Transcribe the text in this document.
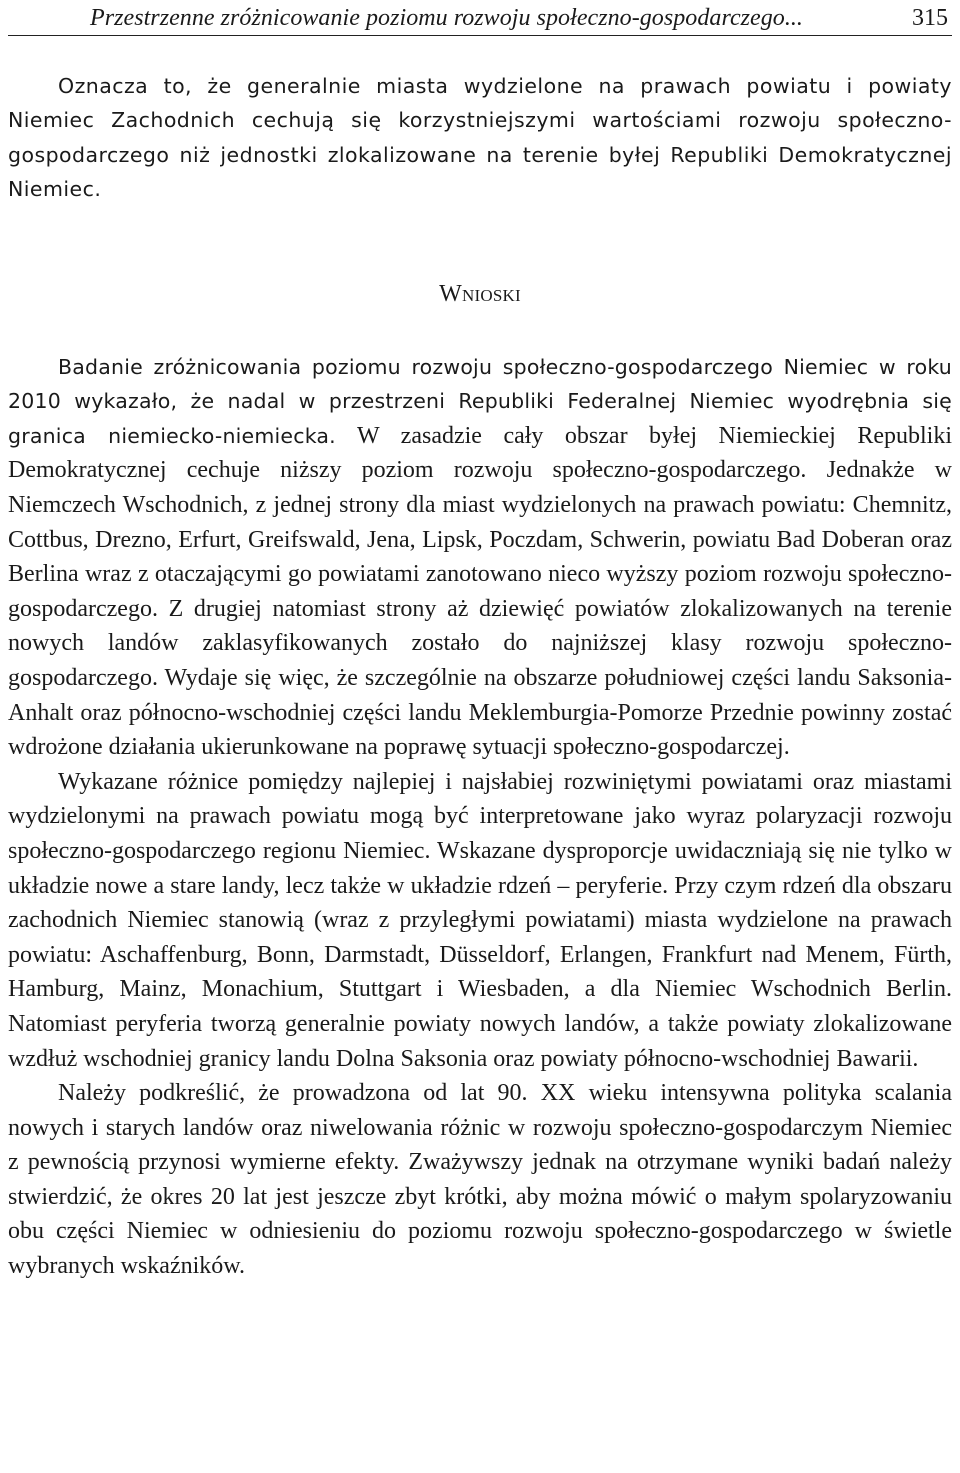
Przestrzenne zróżnicowanie poziomu rozwoju społeczno-gospodarczego...	315

Oznacza to, że generalnie miasta wydzielone na prawach powiatu i powiaty Niemiec Zachodnich cechują się korzystniejszymi wartościami rozwoju społeczno-gospodarczego niż jednostki zlokalizowane na terenie byłej Republiki Demokratycznej Niemiec.

Wnioski

Badanie zróżnicowania poziomu rozwoju społeczno-gospodarczego Niemiec w roku 2010 wykazało, że nadal w przestrzeni Republiki Federalnej Niemiec wyodrębnia się granica niemiecko-niemiecka. W zasadzie cały obszar byłej Niemieckiej Republiki Demokratycznej cechuje niższy poziom rozwoju społeczno-gospodarczego. Jednakże w Niemczech Wschodnich, z jednej strony dla miast wydzielonych na prawach powiatu: Chemnitz, Cottbus, Drezno, Erfurt, Greifswald, Jena, Lipsk, Poczdam, Schwerin, powiatu Bad Doberan oraz Berlina wraz z otaczającymi go powiatami zanotowano nieco wyższy poziom rozwoju społeczno-gospodarczego. Z drugiej natomiast strony aż dziewięć powiatów zlokalizowanych na terenie nowych landów zaklasyfikowanych zostało do najniższej klasy rozwoju społeczno-gospodarczego. Wydaje się więc, że szczególnie na obszarze południowej części landu Saksonia-Anhalt oraz północno-wschodniej części landu Meklemburgia-Pomorze Przednie powinny zostać wdrożone działania ukierunkowane na poprawę sytuacji społeczno-gospodarczej.

Wykazane różnice pomiędzy najlepiej i najsłabiej rozwiniętymi powiatami oraz miastami wydzielonymi na prawach powiatu mogą być interpretowane jako wyraz polaryzacji rozwoju społeczno-gospodarczego regionu Niemiec. Wskazane dysproporcje uwidaczniają się nie tylko w układzie nowe a stare landy, lecz także w układzie rdzeń – peryferie. Przy czym rdzeń dla obszaru zachodnich Niemiec stanowią (wraz z przyległymi powiatami) miasta wydzielone na prawach powiatu: Aschaffenburg, Bonn, Darmstadt, Düsseldorf, Erlangen, Frankfurt nad Menem, Fürth, Hamburg, Mainz, Monachium, Stuttgart i Wiesbaden, a dla Niemiec Wschodnich Berlin. Natomiast peryferia tworzą generalnie powiaty nowych landów, a także powiaty zlokalizowane wzdłuż wschodniej granicy landu Dolna Saksonia oraz powiaty północno-wschodniej Bawarii.

Należy podkreślić, że prowadzona od lat 90. XX wieku intensywna polityka scalania nowych i starych landów oraz niwelowania różnic w rozwoju społeczno-gospodarczym Niemiec z pewnością przynosi wymierne efekty. Zważywszy jednak na otrzymane wyniki badań należy stwierdzić, że okres 20 lat jest jeszcze zbyt krótki, aby można mówić o małym spolaryzowaniu obu części Niemiec w odniesieniu do poziomu rozwoju społeczno-gospodarczego w świetle wybranych wskaźników.
